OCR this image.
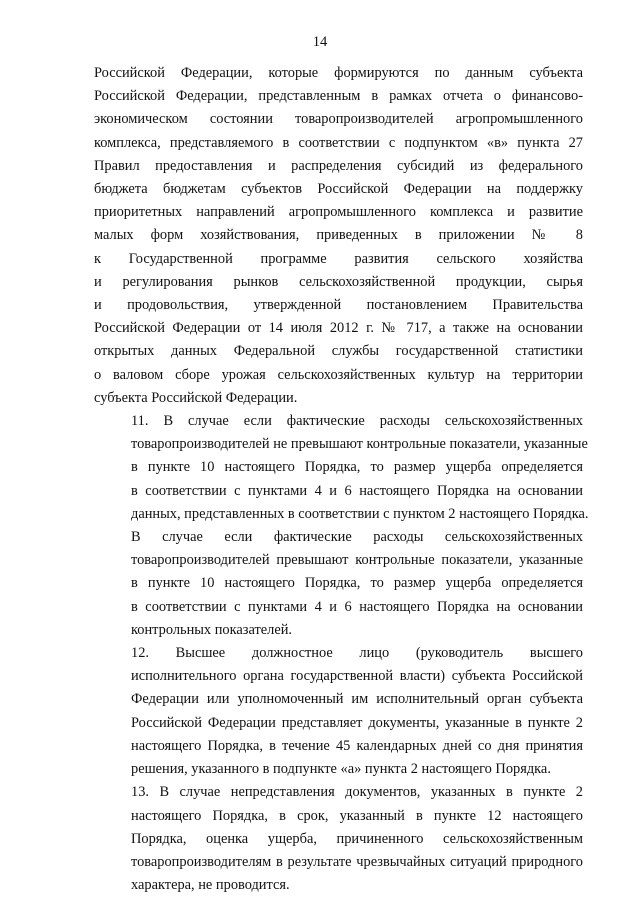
14
Российской Федерации, которые формируются по данным субъекта
Российской Федерации, представленным в рамках отчета о финансово-
экономическом состоянии товаропроизводителей агропромышленного
комплекса, представляемого в соответствии с подпунктом «в» пункта 27
Правил предоставления и распределения субсидий из федерального
бюджета бюджетам субъектов Российской Федерации на поддержку
приоритетных направлений агропромышленного комплекса и развитие
малых форм хозяйствования, приведенных в приложении № 8
к Государственной программе развития сельского хозяйства
и регулирования рынков сельскохозяйственной продукции, сырья
и продовольствия, утвержденной постановлением Правительства
Российской Федерации от 14 июля 2012 г. № 717, а также на основании
открытых данных Федеральной службы государственной статистики
о валовом сборе урожая сельскохозяйственных культур на территории
субъекта Российской Федерации.
11. В случае если фактические расходы сельскохозяйственных
товаропроизводителей не превышают контрольные показатели, указанные
в пункте 10 настоящего Порядка, то размер ущерба определяется
в соответствии с пунктами 4 и 6 настоящего Порядка на основании
данных, представленных в соответствии с пунктом 2 настоящего Порядка.
В случае если фактические расходы сельскохозяйственных
товаропроизводителей превышают контрольные показатели, указанные
в пункте 10 настоящего Порядка, то размер ущерба определяется
в соответствии с пунктами 4 и 6 настоящего Порядка на основании
контрольных показателей.
12. Высшее должностное лицо (руководитель высшего
исполнительного органа государственной власти) субъекта Российской
Федерации или уполномоченный им исполнительный орган субъекта
Российской Федерации представляет документы, указанные в пункте 2
настоящего Порядка, в течение 45 календарных дней со дня принятия
решения, указанного в подпункте «а» пункта 2 настоящего Порядка.
13. В случае непредставления документов, указанных в пункте 2
настоящего Порядка, в срок, указанный в пункте 12 настоящего
Порядка, оценка ущерба, причиненного сельскохозяйственным
товаропроизводителям в результате чрезвычайных ситуаций природного
характера, не проводится.
